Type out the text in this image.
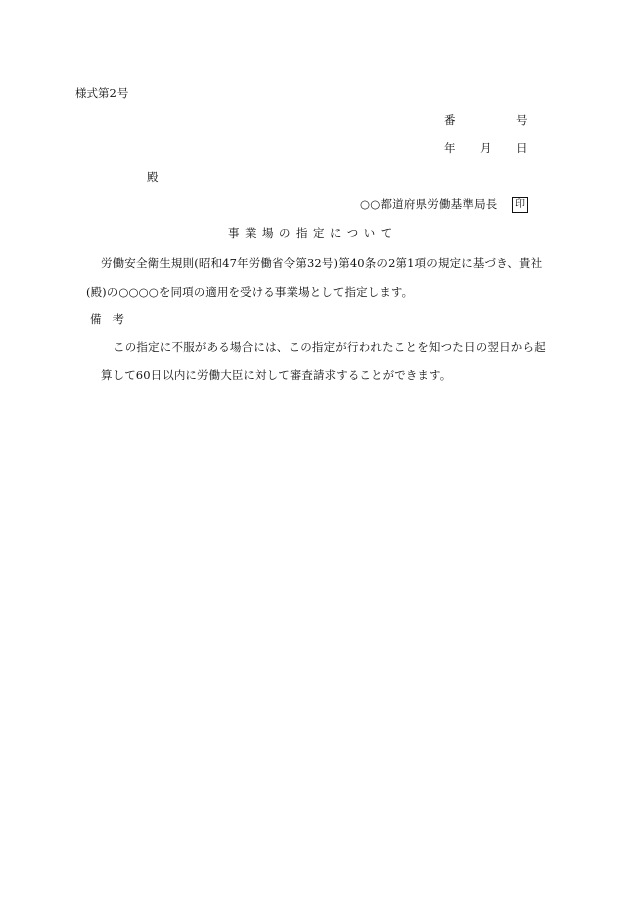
様式第2号
番	号
年 月 日
殿
○○都道府県労働基準局長	印
事業場の指定について
労働安全衛生規則(昭和47年労働省令第32号)第40条の2第1項の規定に基づき、貴社
(殿)の○○○○を同項の適用を受ける事業場として指定します。
備考
この指定に不服がある場合には、この指定が行われたことを知つた日の翌日から起
算して60日以内に労働大臣に対して審査請求することができます。
